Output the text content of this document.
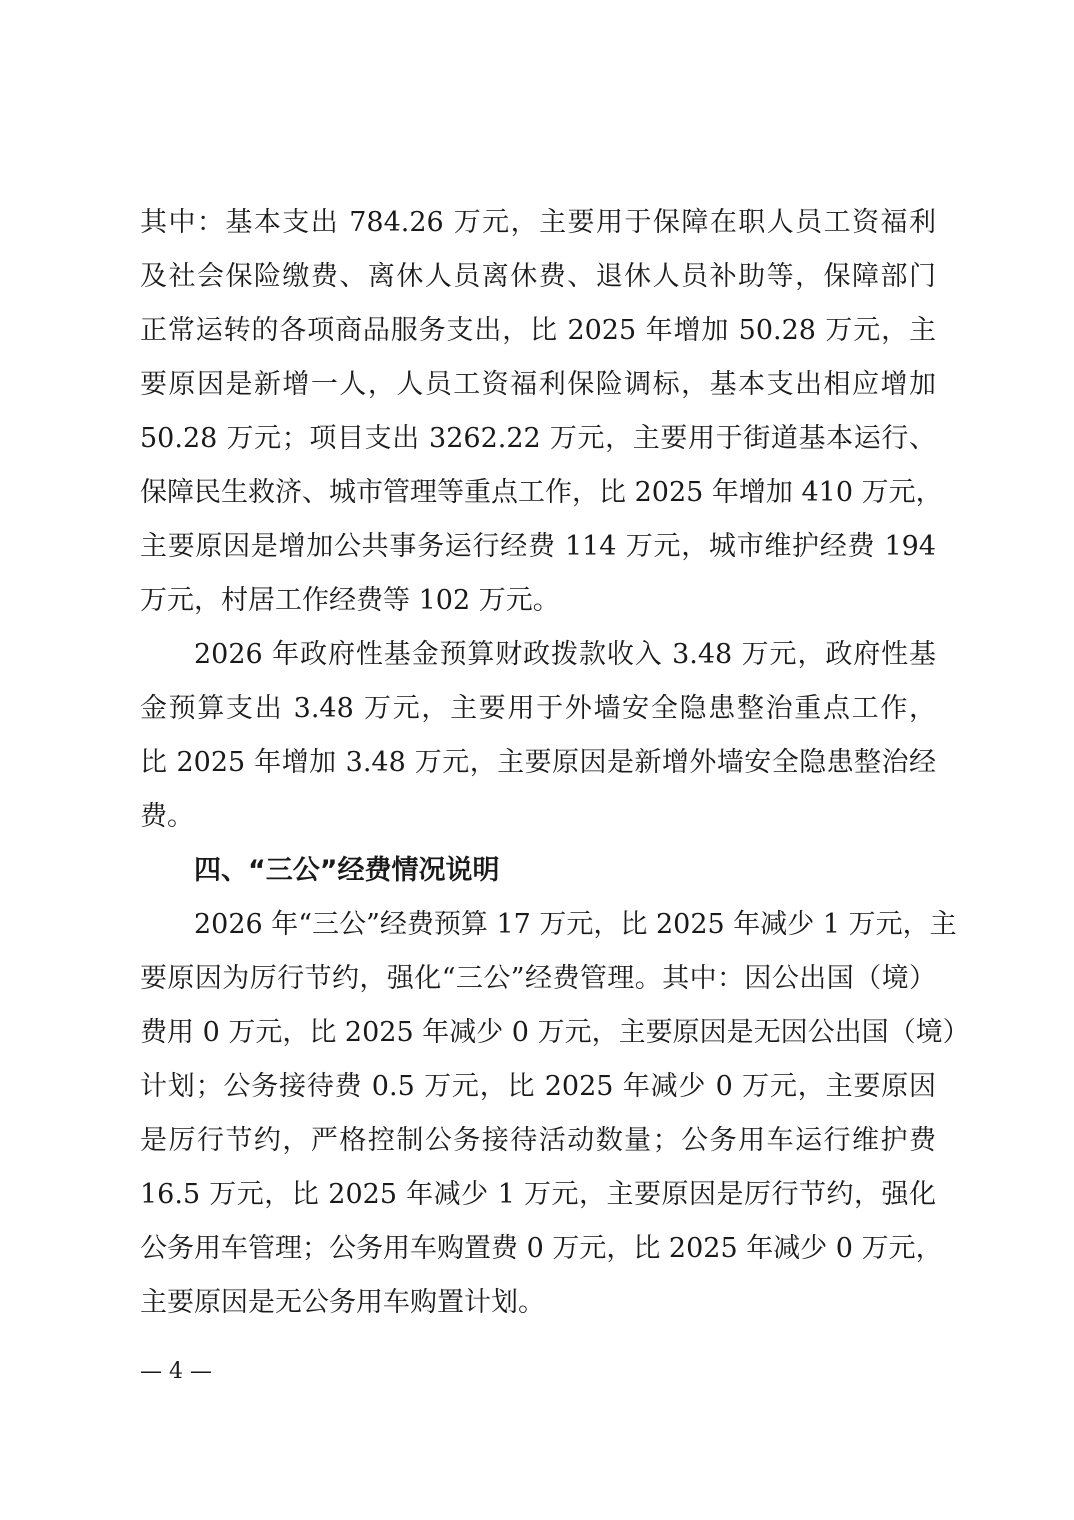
其中：基本支出 784.26 万元，主要用于保障在职人员工资福利
及社会保险缴费、离休人员离休费、退休人员补助等，保障部门
正常运转的各项商品服务支出，比 2025 年增加 50.28 万元，主
要原因是新增一人，人员工资福利保险调标，基本支出相应增加
50.28 万元；项目支出 3262.22 万元，主要用于街道基本运行、
保障民生救济、城市管理等重点工作，比 2025 年增加 410 万元，
主要原因是增加公共事务运行经费 114 万元，城市维护经费 194
万元，村居工作经费等 102 万元。
2026 年政府性基金预算财政拨款收入 3.48 万元，政府性基
金预算支出 3.48 万元，主要用于外墙安全隐患整治重点工作，
比 2025 年增加 3.48 万元，主要原因是新增外墙安全隐患整治经
费。
四、“三公”经费情况说明
2026 年“三公”经费预算 17 万元，比 2025 年减少 1 万元，主
要原因为厉行节约，强化“三公”经费管理。其中：因公出国（境）
费用 0 万元，比 2025 年减少 0 万元，主要原因是无因公出国（境）
计划；公务接待费 0.5 万元，比 2025 年减少 0 万元，主要原因
是厉行节约，严格控制公务接待活动数量；公务用车运行维护费
16.5 万元，比 2025 年减少 1 万元，主要原因是厉行节约，强化
公务用车管理；公务用车购置费 0 万元，比 2025 年减少 0 万元，
主要原因是无公务用车购置计划。
— 4 —
